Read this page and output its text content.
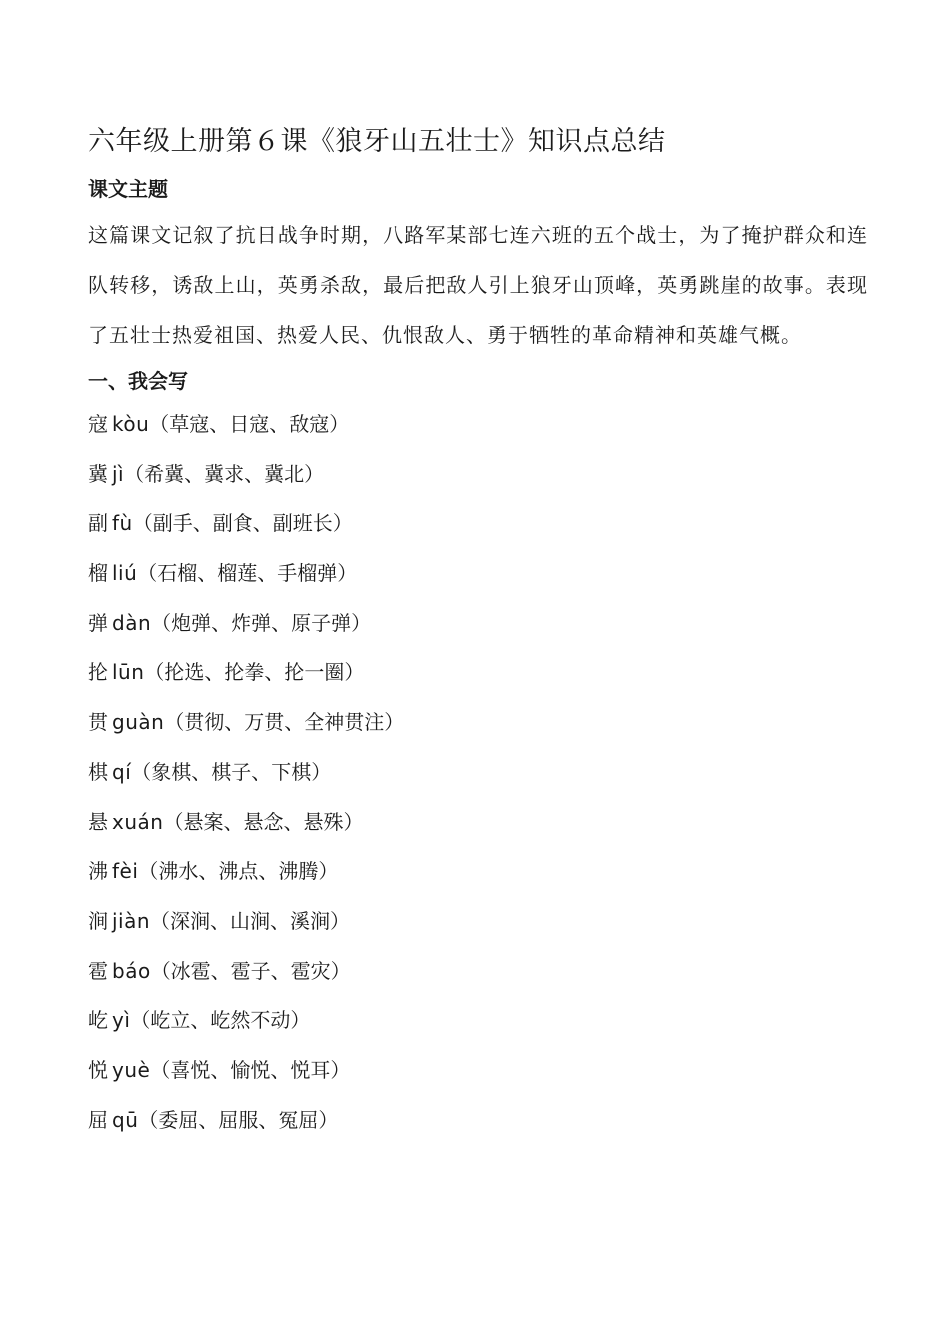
六年级上册第６课《狼牙山五壮士》知识点总结
课文主题

这篇课文记叙了抗日战争时期，八路军某部七连六班的五个战士，为了掩护群众和连队转移，诱敌上山，英勇杀敌，最后把敌人引上狼牙山顶峰，英勇跳崖的故事。表现了五壮士热爱祖国、热爱人民、仇恨敌人、勇于牺牲的革命精神和英雄气概。

一、我会写
寇 kòu（草寇、日寇、敌寇）
冀 jì（希冀、冀求、冀北）
副 fù（副手、副食、副班长）
榴 liú（石榴、榴莲、手榴弹）
弹 dàn（炮弹、炸弹、原子弹）
抡 lūn（抡选、抡拳、抡一圈）
贯 guàn（贯彻、万贯、全神贯注）
棋 qí（象棋、棋子、下棋）
悬 xuán（悬案、悬念、悬殊）
沸 fèi（沸水、沸点、沸腾）
涧 jiàn（深涧、山涧、溪涧）
雹 báo（冰雹、雹子、雹灾）
屹 yì（屹立、屹然不动）
悦 yuè（喜悦、愉悦、悦耳）
屈 qū（委屈、屈服、冤屈）
